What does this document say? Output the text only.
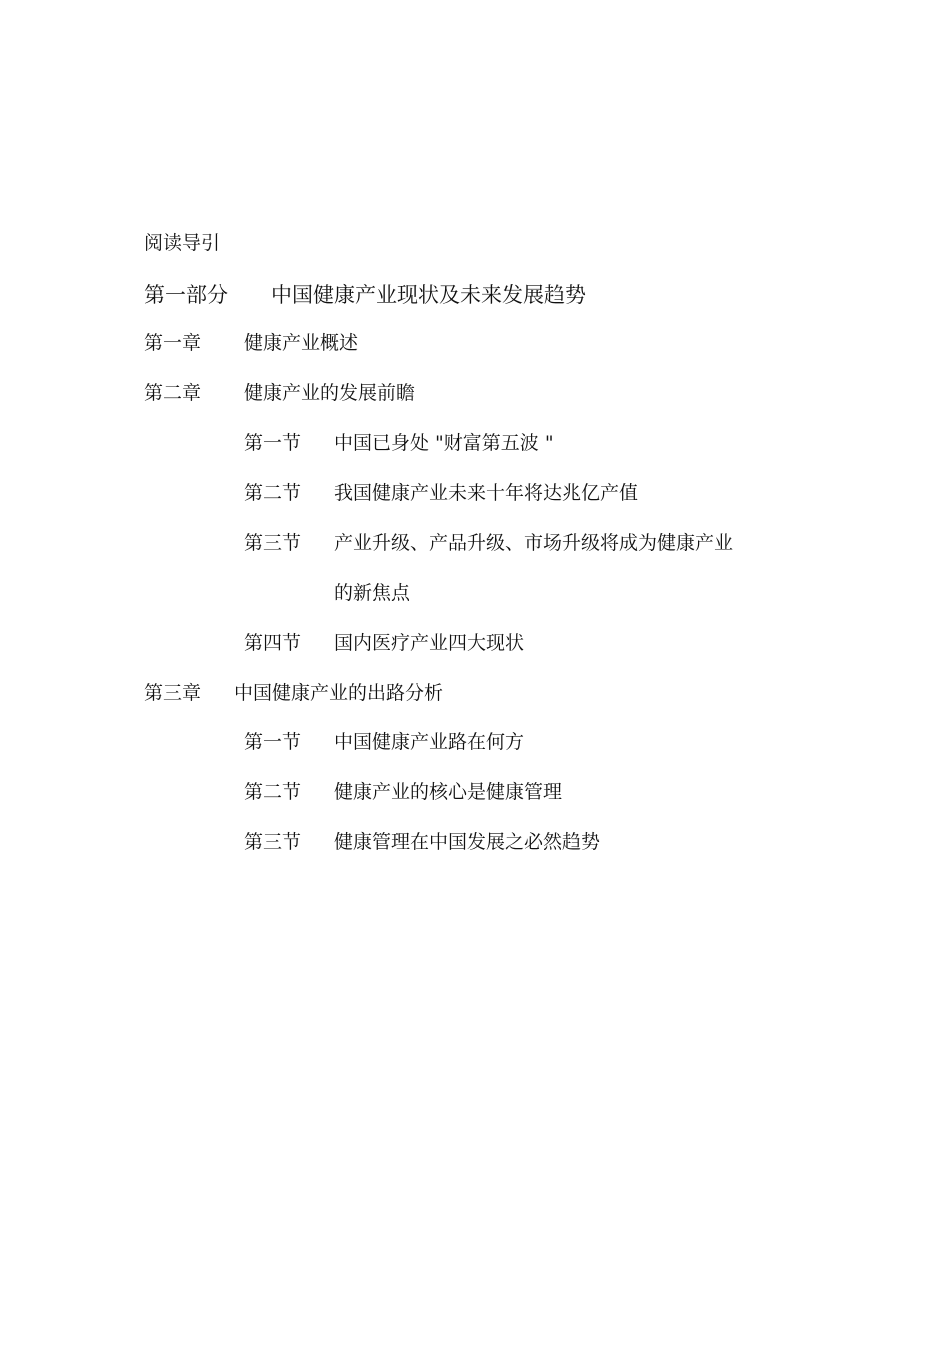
阅读导引
第一部分 中国健康产业现状及未来发展趋势
第一章 健康产业概述
第二章 健康产业的发展前瞻
第一节 中国已身处 "财富第五波 "
第二节 我国健康产业未来十年将达兆亿产值
第三节 产业升级、产品升级、市场升级将成为健康产业
的新焦点
第四节 国内医疗产业四大现状
第三章 中国健康产业的出路分析
第一节 中国健康产业路在何方
第二节 健康产业的核心是健康管理
第三节 健康管理在中国发展之必然趋势
